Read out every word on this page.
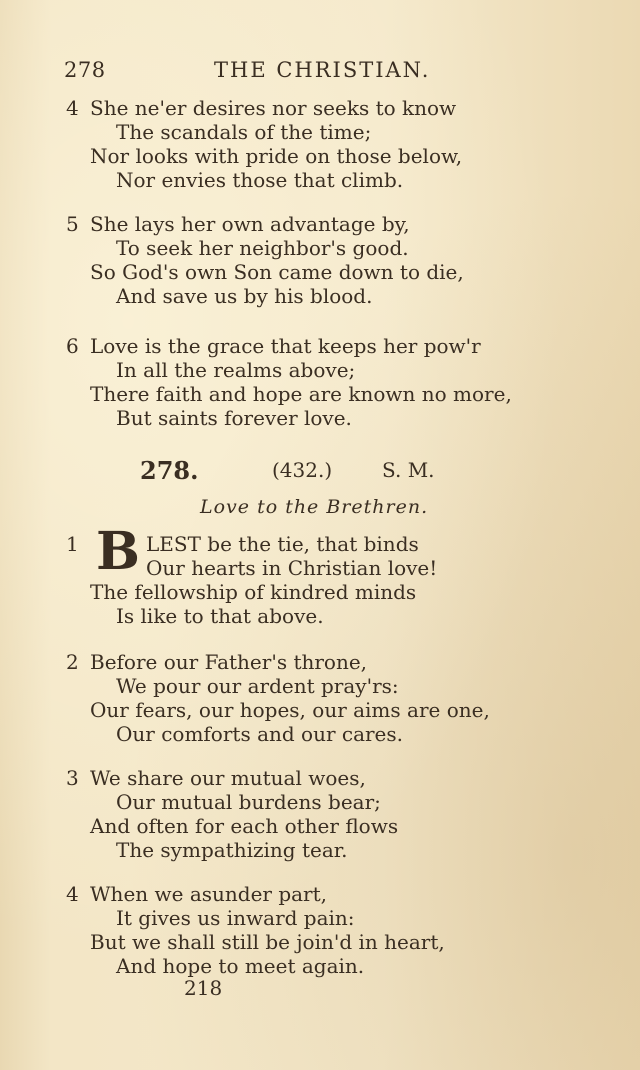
278	THE CHRISTIAN.
4 She ne'er desires nor seeks to know
The scandals of the time;
Nor looks with pride on those below,
Nor envies those that climb.
5 She lays her own advantage by,
To seek her neighbor's good.
So God's own Son came down to die,
And save us by his blood.
6 Love is the grace that keeps her pow'r
In all the realms above;
There faith and hope are known no more,
But saints forever love.
278.	(432.) S. M.
Love to the Brethren.
1 B LEST be the tie, that binds
Our hearts in Christian love!
The fellowship of kindred minds
Is like to that above.
2 Before our Father's throne,
We pour our ardent pray'rs:
Our fears, our hopes, our aims are one,
Our comforts and our cares.
3 We share our mutual woes,
Our mutual burdens bear;
And often for each other flows
The sympathizing tear.
4 When we asunder part,
It gives us inward pain:
But we shall still be join'd in heart,
And hope to meet again.
218
